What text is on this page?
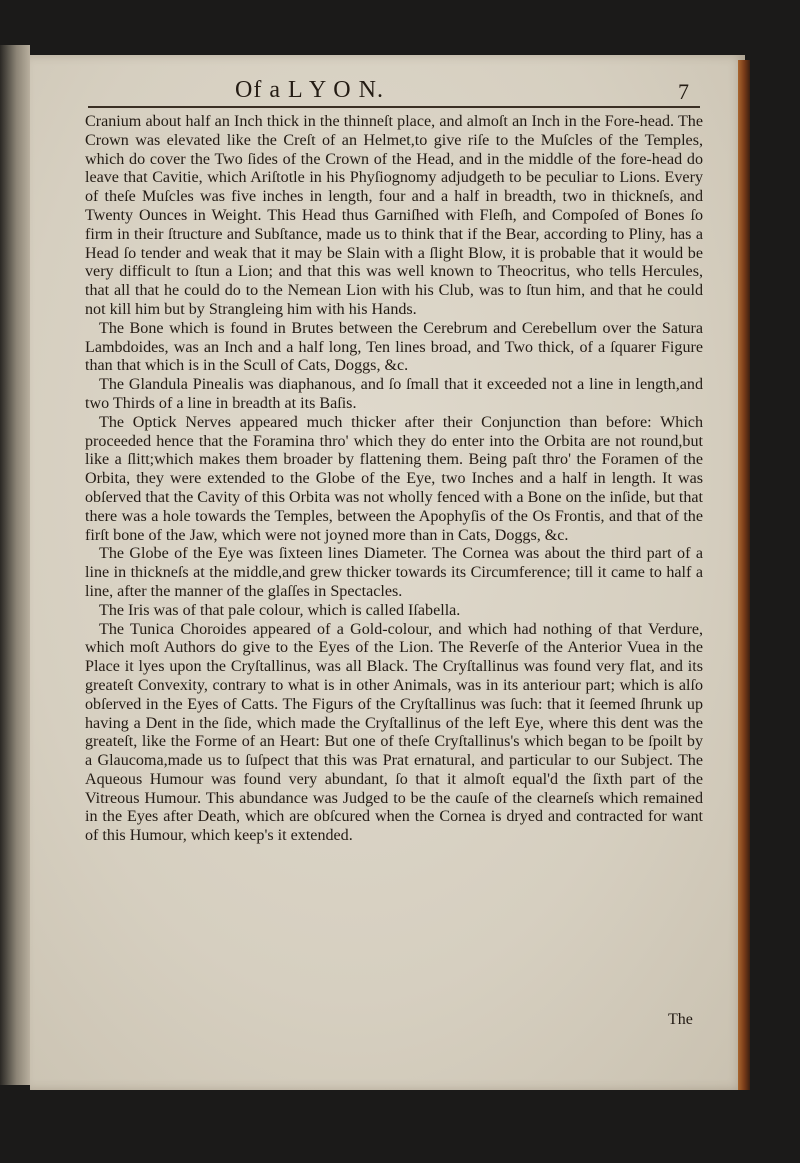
Of a L Y O N.	7

Cranium about half an Inch thick in the thinneſt place, and almoſt an Inch in the Fore-head. The Crown was elevated like the Creſt of an Helmet,to give riſe to the Muſcles of the Temples, which do cover the Two ſides of the Crown of the Head, and in the middle of the fore-head do leave that Cavitie, which Ariſtotle in his Phyſiognomy adjudgeth to be peculiar to Lions. Every of theſe Muſcles was five inches in length, four and a half in breadth, two in thickneſs, and Twenty Ounces in Weight. This Head thus Garniſhed with Fleſh, and Compoſed of Bones ſo firm in their ſtructure and Subſtance, made us to think that if the Bear, according to Pliny, has a Head ſo tender and weak that it may be Slain with a ſlight Blow, it is probable that it would be very difficult to ſtun a Lion; and that this was well known to Theocritus, who tells Hercules, that all that he could do to the Nemean Lion with his Club, was to ſtun him, and that he could not kill him but by Strangleing him with his Hands.

The Bone which is found in Brutes between the Cerebrum and Cerebellum over the Satura Lambdoides, was an Inch and a half long, Ten lines broad, and Two thick, of a ſquarer Figure than that which is in the Scull of Cats, Doggs, &c.

The Glandula Pinealis was diaphanous, and ſo ſmall that it exceeded not a line in length,and two Thirds of a line in breadth at its Baſis.

The Optick Nerves appeared much thicker after their Conjunction than before: Which proceeded hence that the Foramina thro' which they do enter into the Orbita are not round,but like a ſlitt;which makes them broader by flattening them. Being paſt thro' the Foramen of the Orbita, they were extended to the Globe of the Eye, two Inches and a half in length. It was obſerved that the Cavity of this Orbita was not wholly fenced with a Bone on the inſide, but that there was a hole towards the Temples, between the Apophyſis of the Os Frontis, and that of the firſt bone of the Jaw, which were not joyned more than in Cats, Doggs, &c.

The Globe of the Eye was ſixteen lines Diameter. The Cornea was about the third part of a line in thickneſs at the middle,and grew thicker towards its Circumference; till it came to half a line, after the manner of the glaſſes in Spectacles.

The Iris was of that pale colour, which is called Iſabella.

The Tunica Choroides appeared of a Gold-colour, and which had nothing of that Verdure, which moſt Authors do give to the Eyes of the Lion. The Reverſe of the Anterior Vuea in the Place it lyes upon the Cryſtallinus, was all Black. The Cryſtallinus was found very flat, and its greateſt Convexity, contrary to what is in other Animals, was in its anteriour part; which is alſo obſerved in the Eyes of Catts. The Figurs of the Cryſtallinus was ſuch: that it ſeemed ſhrunk up having a Dent in the ſide, which made the Cryſtallinus of the left Eye, where this dent was the greateſt, like the Forme of an Heart: But one of theſe Cryſtallinus's which began to be ſpoilt by a Glaucoma,made us to ſuſpect that this was Prat ernatural, and particular to our Subject. The Aqueous Humour was found very abundant, ſo that it almoſt equal'd the ſixth part of the Vitreous Humour. This abundance was Judged to be the cauſe of the clearneſs which remained in the Eyes after Death, which are obſcured when the Cornea is dryed and contracted for want of this Humour, which keep's it extended.

The
